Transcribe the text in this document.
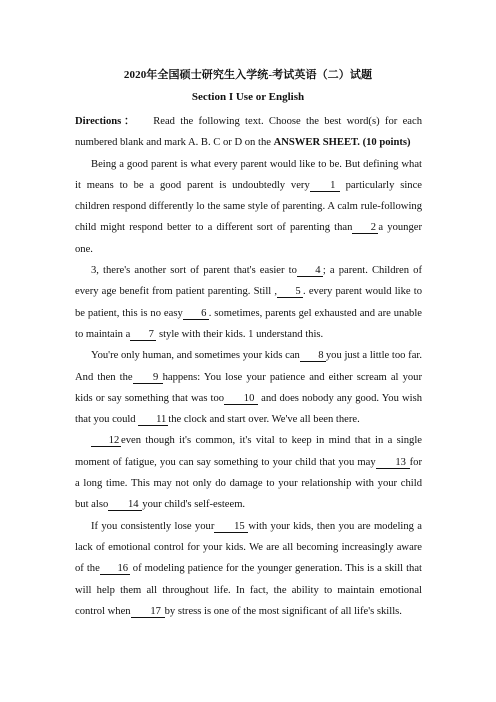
2020年全国硕士研究生入学统-考试英语（二）试题
Section I Use or English

Directions： Read the following text. Choose the best word(s) for each numbered blank and mark A. B. C or D on the ANSWER SHEET. (10 points)

Being a good parent is what every parent would like to be. But defining what it means to be a good parent is undoubtedly very 1 particularly since children respond differently lo the same style of parenting. A calm rule-following child might respond better to a different sort of parenting than 2 a younger one.

3, there's another sort of parent that's easier to 4 ; a parent. Children of every age benefit from patient parenting. Still , 5 . every parent would like to be patient, this is no easy 6 . sometimes, parents gel exhausted and are unable to maintain a 7 style with their kids. 1 understand this.

You're only human, and sometimes your kids can 8 you just a little too far. And then the 9 happens: You lose your patience and either scream al your kids or say something that was too 10 and does nobody any good. You wish that you could 11 the clock and start over. We've all been there.

12 even though it's common, it's vital to keep in mind that in a single moment of fatigue, you can say something to your child that you may 13 for a long time. This may not only do damage to your relationship with your child but also 14 your child's self-esteem.

If you consistently lose your 15 with your kids, then you are modeling a lack of emotional control for your kids. We are all becoming increasingly aware of the 16 of modeling patience for the younger generation. This is a skill that will help them all throughout life. In fact, the ability to maintain emotional control when 17 by stress is one of the most significant of all life's skills.
